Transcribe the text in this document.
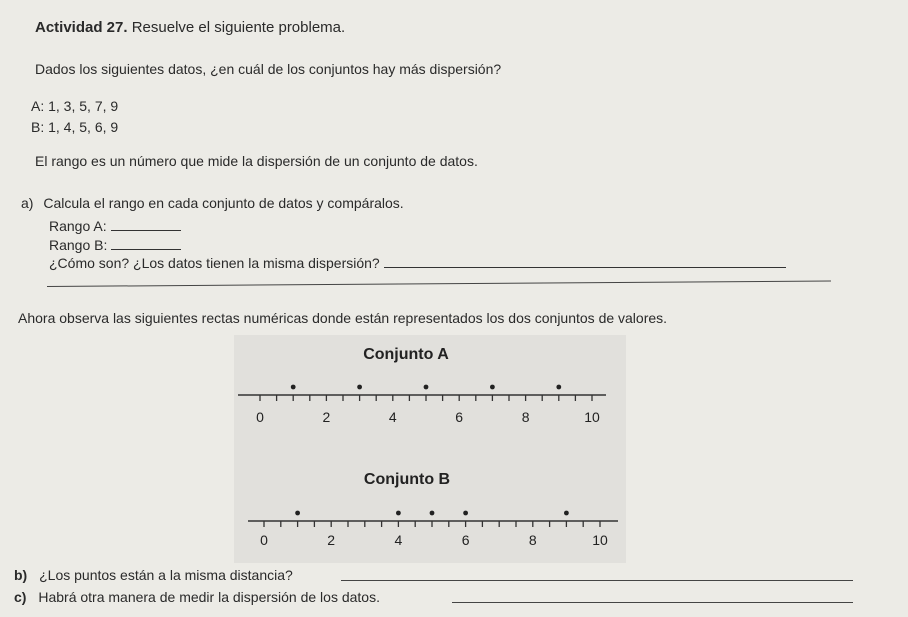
Actividad 27. Resuelve el siguiente problema.
Dados los siguientes datos, ¿en cuál de los conjuntos hay más dispersión?
A: 1, 3, 5, 7, 9
B: 1, 4, 5, 6, 9
El rango es un número que mide la dispersión de un conjunto de datos.
a) Calcula el rango en cada conjunto de datos y compáralos.
Rango A:
Rango B:
¿Cómo son? ¿Los datos tienen la misma dispersión?
Ahora observa las siguientes rectas numéricas donde están representados los dos conjuntos de valores.
Conjunto A
0	2	4	6	8	10
Conjunto B
0	2	4	6	8	10
b) ¿Los puntos están a la misma distancia?
c) Habrá otra manera de medir la dispersión de los datos.
